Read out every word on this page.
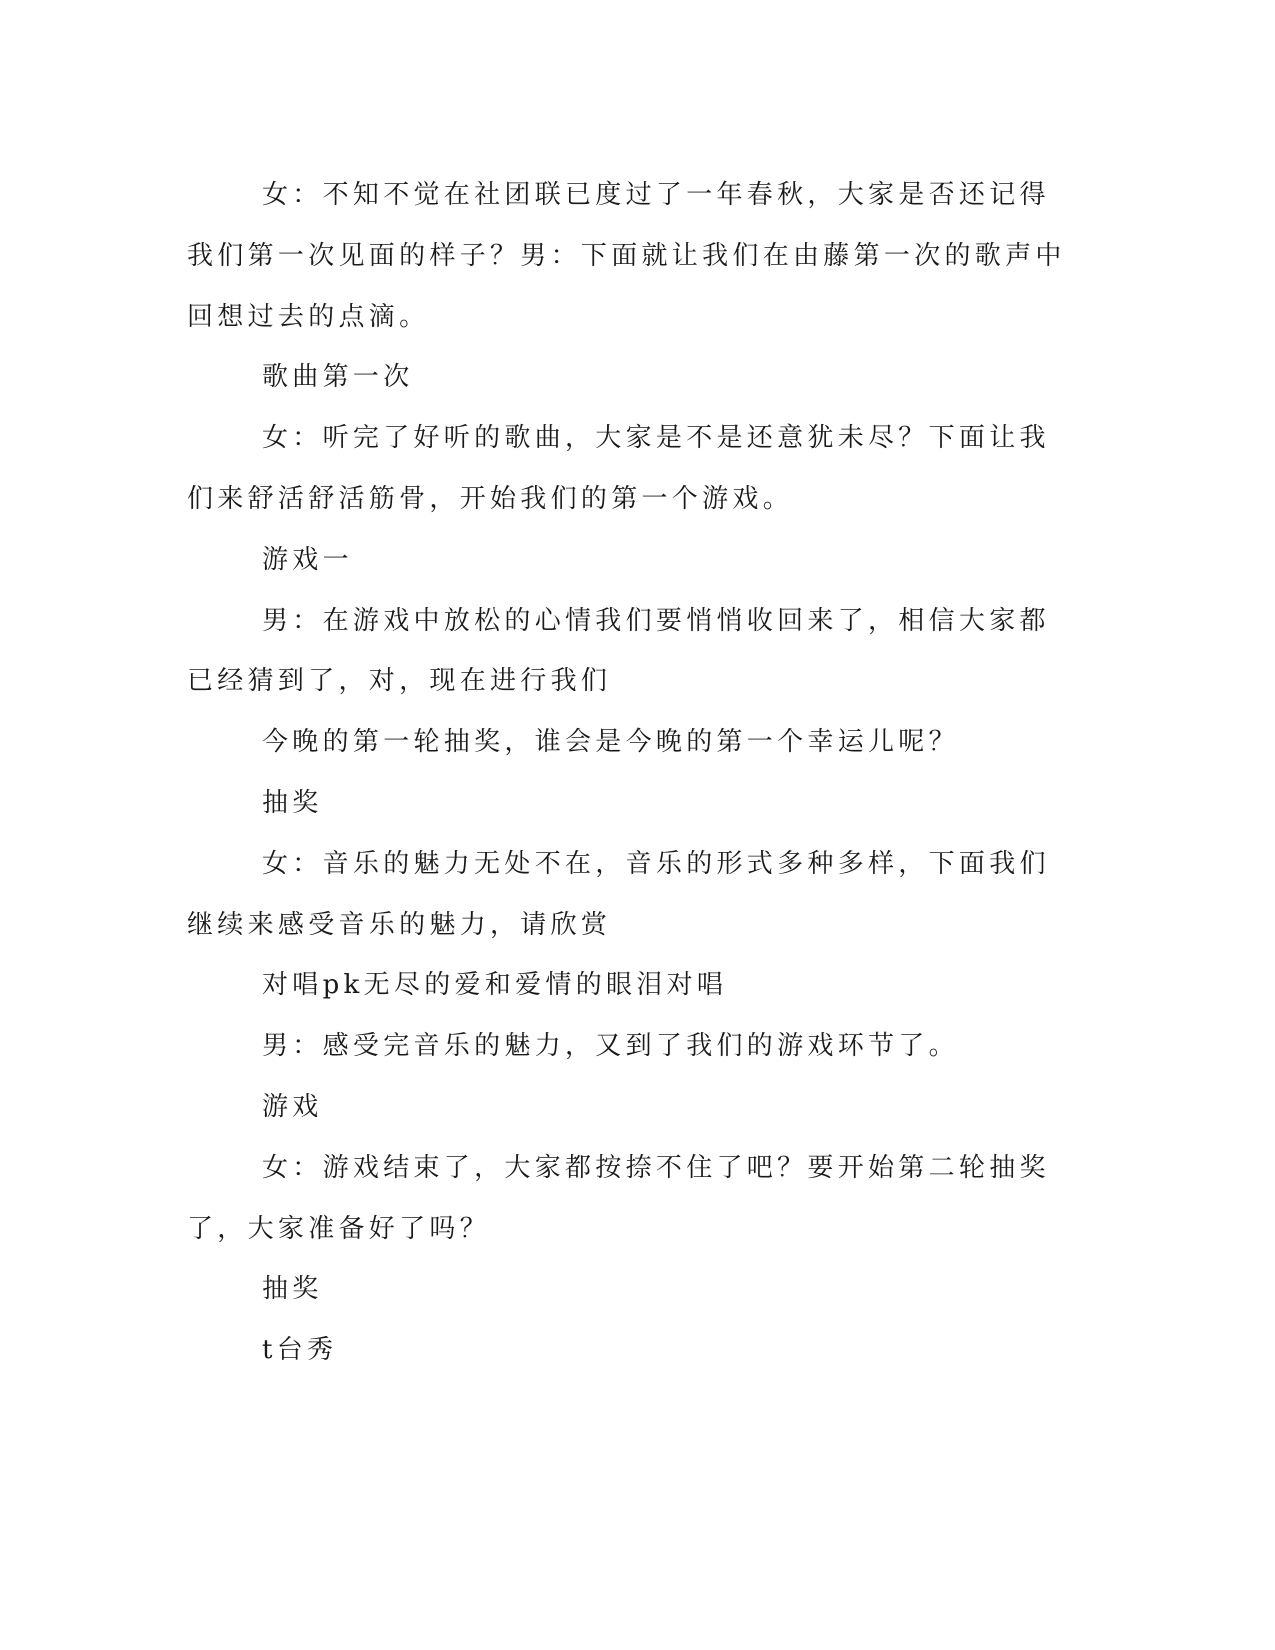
女：不知不觉在社团联已度过了一年春秋，大家是否还记得我们第一次见面的样子？男：下面就让我们在由藤第一次的歌声中回想过去的点滴。

歌曲第一次

女：听完了好听的歌曲，大家是不是还意犹未尽？下面让我们来舒活舒活筋骨，开始我们的第一个游戏。

游戏一

男：在游戏中放松的心情我们要悄悄收回来了，相信大家都已经猜到了，对，现在进行我们

今晚的第一轮抽奖，谁会是今晚的第一个幸运儿呢？

抽奖

女：音乐的魅力无处不在，音乐的形式多种多样，下面我们继续来感受音乐的魅力，请欣赏

对唱pk无尽的爱和爱情的眼泪对唱

男：感受完音乐的魅力，又到了我们的游戏环节了。

游戏

女：游戏结束了，大家都按捺不住了吧？要开始第二轮抽奖了，大家准备好了吗？

抽奖

t台秀
